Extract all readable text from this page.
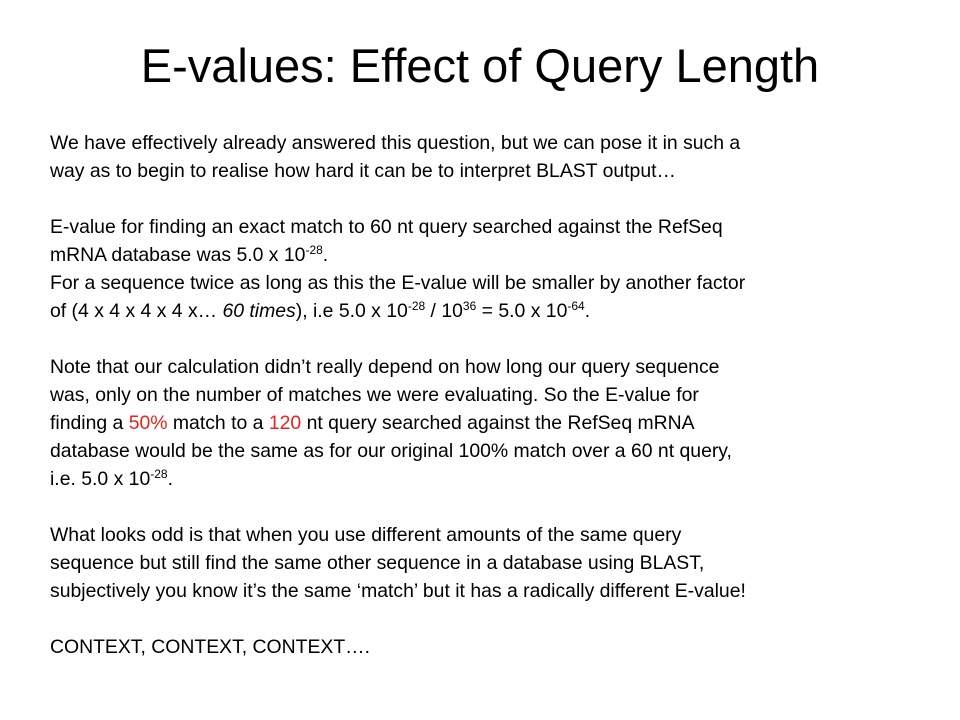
E-values: Effect of Query Length
We have effectively already answered this question, but we can pose it in such a
way as to begin to realise how hard it can be to interpret BLAST output…
E-value for finding an exact match to 60 nt query searched against the RefSeq
mRNA database was 5.0 x $10^{-28}$.
For a sequence twice as long as this the E-value will be smaller by another factor
of (4 x 4 x 4 x 4 x… 60 times), i.e 5.0 x $10^{-28} / 10^{36} = 5.0$ x $10^{-64}$.
Note that our calculation didn’t really depend on how long our query sequence
was, only on the number of matches we were evaluating. So the E-value for
finding a 50% match to a 120 nt query searched against the RefSeq mRNA
database would be the same as for our original 100% match over a 60 nt query,
i.e. 5.0 x $10^{-28}$.
What looks odd is that when you use different amounts of the same query
sequence but still find the same other sequence in a database using BLAST,
subjectively you know it’s the same ‘match’ but it has a radically different E-value!
CONTEXT, CONTEXT, CONTEXT….
